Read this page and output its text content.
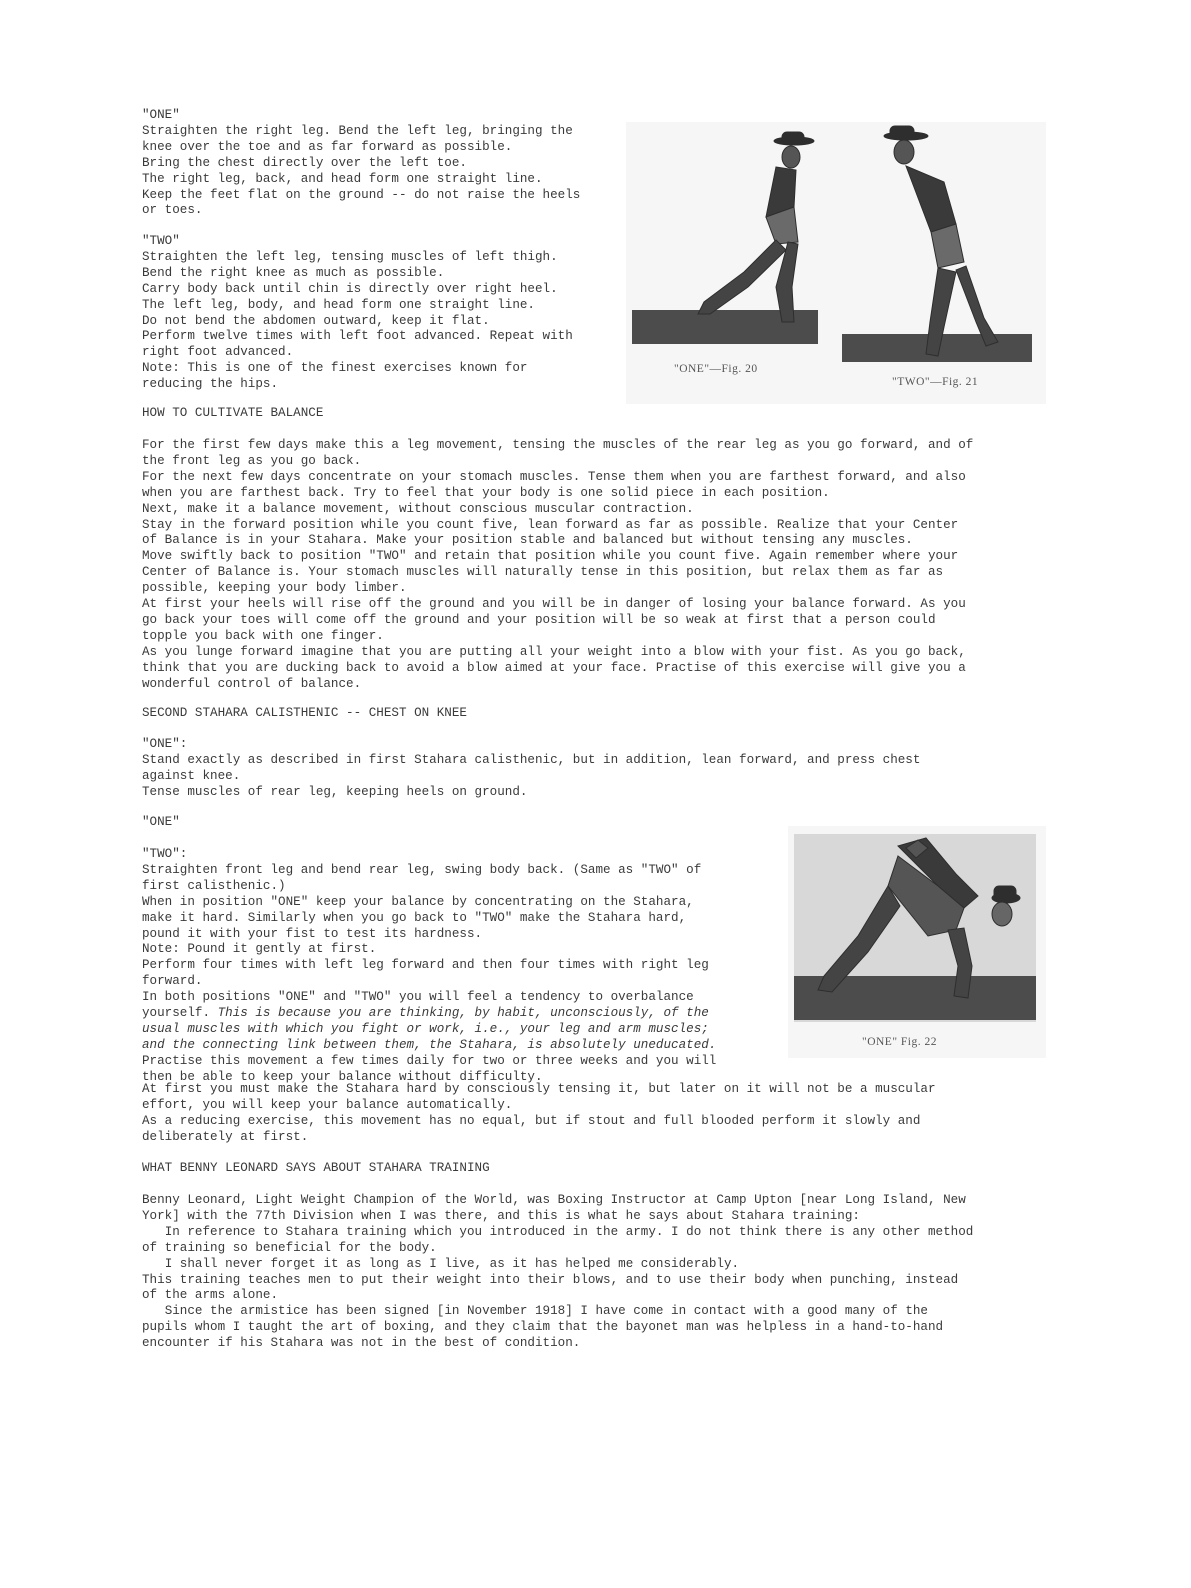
"ONE"
Straighten the right leg. Bend the left leg, bringing the
knee over the toe and as far forward as possible.
Bring the chest directly over the left toe.
The right leg, back, and head form one straight line.
Keep the feet flat on the ground -- do not raise the heels
or toes.

"TWO"
Straighten the left leg, tensing muscles of left thigh.
Bend the right knee as much as possible.
Carry body back until chin is directly over right heel.
The left leg, body, and head form one straight line.
Do not bend the abdomen outward, keep it flat.
Perform twelve times with left foot advanced. Repeat with
right foot advanced.
Note: This is one of the finest exercises known for
reducing the hips.

"ONE"—Fig. 20
"TWO"—Fig. 21

HOW TO CULTIVATE BALANCE

For the first few days make this a leg movement, tensing the muscles of the rear leg as you go forward, and of
the front leg as you go back.
For the next few days concentrate on your stomach muscles. Tense them when you are farthest forward, and also
when you are farthest back. Try to feel that your body is one solid piece in each position.
Next, make it a balance movement, without conscious muscular contraction.
Stay in the forward position while you count five, lean forward as far as possible. Realize that your Center
of Balance is in your Stahara. Make your position stable and balanced but without tensing any muscles.
Move swiftly back to position "TWO" and retain that position while you count five. Again remember where your
Center of Balance is. Your stomach muscles will naturally tense in this position, but relax them as far as
possible, keeping your body limber.
At first your heels will rise off the ground and you will be in danger of losing your balance forward. As you
go back your toes will come off the ground and your position will be so weak at first that a person could
topple you back with one finger.
As you lunge forward imagine that you are putting all your weight into a blow with your fist. As you go back,
think that you are ducking back to avoid a blow aimed at your face. Practise of this exercise will give you a
wonderful control of balance.

SECOND STAHARA CALISTHENIC -- CHEST ON KNEE

"ONE":
Stand exactly as described in first Stahara calisthenic, but in addition, lean forward, and press chest
against knee.
Tense muscles of rear leg, keeping heels on ground.

"ONE"

"TWO":
Straighten front leg and bend rear leg, swing body back. (Same as "TWO" of
first calisthenic.)
When in position "ONE" keep your balance by concentrating on the Stahara,
make it hard. Similarly when you go back to "TWO" make the Stahara hard,
pound it with your fist to test its hardness.
Note: Pound it gently at first.
Perform four times with left leg forward and then four times with right leg
forward.
In both positions "ONE" and "TWO" you will feel a tendency to overbalance
yourself. This is because you are thinking, by habit, unconsciously, of the
usual muscles with which you fight or work, i.e., your leg and arm muscles;
and the connecting link between them, the Stahara, is absolutely uneducated.
Practise this movement a few times daily for two or three weeks and you will
then be able to keep your balance without difficulty.

"ONE" Fig. 22

At first you must make the Stahara hard by consciously tensing it, but later on it will not be a muscular
effort, you will keep your balance automatically.
As a reducing exercise, this movement has no equal, but if stout and full blooded perform it slowly and
deliberately at first.

WHAT BENNY LEONARD SAYS ABOUT STAHARA TRAINING

Benny Leonard, Light Weight Champion of the World, was Boxing Instructor at Camp Upton [near Long Island, New
York] with the 77th Division when I was there, and this is what he says about Stahara training:
In reference to Stahara training which you introduced in the army. I do not think there is any other method
of training so beneficial for the body.
I shall never forget it as long as I live, as it has helped me considerably.
This training teaches men to put their weight into their blows, and to use their body when punching, instead
of the arms alone.
Since the armistice has been signed [in November 1918] I have come in contact with a good many of the
pupils whom I taught the art of boxing, and they claim that the bayonet man was helpless in a hand-to-hand
encounter if his Stahara was not in the best of condition.
